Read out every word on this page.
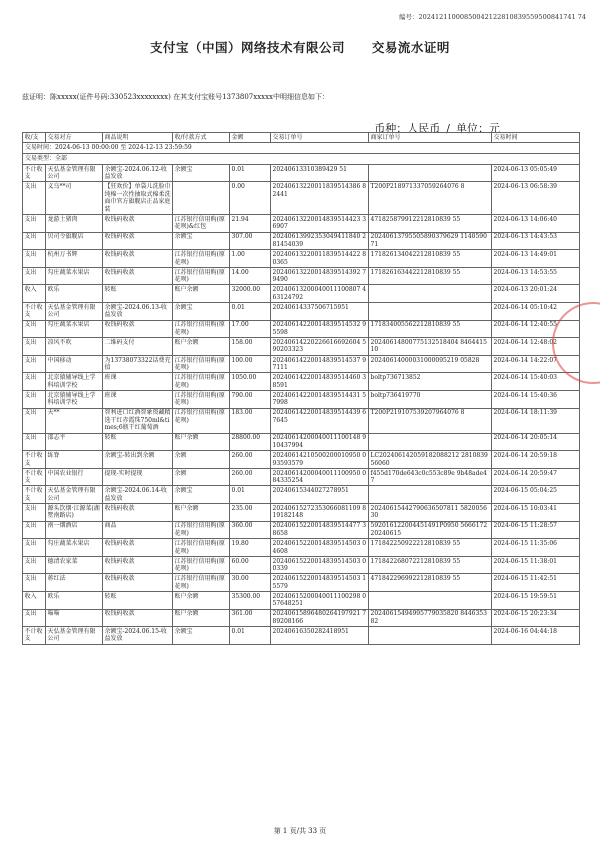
编号：20241211000850042122810839559500841741 74
支付宝（中国）网络技术有限公司 交易流水证明
兹证明：陈xxxxx(证件号码:330523xxxxxxxx) 在其支付宝账号1373807xxxxx中明细信息如下：
币种：人民币 / 单位：元
交易时间：2024-06-13 00:00:00 至 2024-12-13 23:59:59							
交易类型：全部							
收/支	交易对方	商品说明	收/付款方式	金额	交易订单号	商家订单号	交易时间
不计收支	天弘基金管理有限公司	余额宝-2024.06.12-收益发放	余额宝	0.01	20240613310389429 51		2024-06-13 05:05:49
支出	义乌**司	【狂欢价】单袋儿洗脸巾纯棉一次性抽取式棉柔洗面巾官方旗舰店正品家庭装		0.00	20240613220011839514386 82441	T200P218971337059264076 8	2024-06-13 06:58:39
支出	龙游土猪肉	收钱码收款	江苏银行信用购(原花呗)&红包	21.94	20240613220014839514423 36907	471825879912212810839 55	2024-06-13 14:06:40
支出	贝司令旗舰店	收钱码收款	余额宝	307.00	20240613992353049411840 281454039	20240613795505890379629 114059071	2024-06-13 14:43:53
支出	杭州万书辉	收钱码收款	江苏银行信用购(原花呗)	1.00	20240613220011839514422 80365	171826134042212810839 55	2024-06-13 14:49:01
支出	勾庄蔬菜水果店	收钱码收款	江苏银行信用购(原花呗)	14.00	20240613220014839514392 79490	171826163442212810839 55	2024-06-13 14:53:55
收入	欧乐	转账	账户余额	32000.00	20240613200040011100807 463124792		2024-06-13 20:01:24
不计收支	天弘基金管理有限公司	余额宝-2024.06.13-收益发放	余额宝	0.01	20240614337506715951		2024-06-14 05:10:42
支出	勾庄蔬菜水果店	收钱码收款	江苏银行信用购(原花呗)	17.00	20240614220014839514532 95598	171834005562212810839 55	2024-06-14 12:40:55
支出	凉风不吹	二维码支付	账户余额	158.00	20240614220226616692604 590203323	20240614800775132518404 846441510	2024-06-14 12:48:02
支出	中国移动	为13738073322话费充值	江苏银行信用购(原花呗)	100.00	20240614220014839514537 97111	20240614000031000095219 05828	2024-06-14 14:22:07
支出	北京猿辅导线上学科培训学校	班课	江苏银行信用购(原花呗)	1050.00	20240614220014839514460 38591	boltp736713852	2024-06-14 15:40:03
支出	北京猿辅导线上学科培训学校	班课	江苏银行信用购(原花呗)	790.00	20240614220014839514431 57998	boltp736419770	2024-06-14 15:40:36
支出	天**	智利进口红酒智象资藏精选干红赤霞珠750ml&times;6瓶干红葡萄酒	江苏银行信用购(原花呗)	183.00	20240614220014839514439 67645	T200P219107539207964076 8	2024-06-14 18:11:39
支出	邵志平	转账	账户余额	28800.00	20240614200040011100148 910437994		2024-06-14 20:05:14
不计收支	练脊	余额宝-转出到余额	余额	260.00	20240614210500200010950 093593579	LC202406142059182088212 281083956060	2024-06-14 20:59:18
不计收支	中国农业银行	提现-实时提现	余额	260.00	20240614200040011100950 084335254	f455d170de643c0c553c89e 9b48ade47	2024-06-14 20:59:47
不计收支	天弘基金管理有限公司	余额宝-2024.06.14-收益发放	余额宝	0.01	20240615344027278951		2024-06-15 05:04:25
支出	源头饮烟·江源菜(湖墅南路店)	收钱码收款	账户余额	235.00	20240615272353066081109 819182148	20240615442790636507811 582005630	2024-06-15 10:03:41
支出	南一烟酒店	商品	江苏银行信用购(原花呗)	360.00	20240615220014839514477 38658	592016122004451491P0950 566617220240615	2024-06-15 11:28:57
支出	勾庄蔬菜水果店	收钱码收款	江苏银行信用购(原花呗)	19.80	20240615220014839514503 04608	171842250922212810839 55	2024-06-15 11:35:06
支出	德清农家菜	收钱码收款	江苏银行信用购(原花呗)	60.00	20240615220014839514503 00339	171842268072212810839 55	2024-06-15 11:38:01
支出	蒋红法	收钱码收款	江苏银行信用购(原花呗)	30.00	20240615220014839514503 15579	471842296992212810839 55	2024-06-15 11:42:51
收入	欧乐	转账	账户余额	35300.00	20240615200040011100298 057648251		2024-06-15 19:59:51
支出	喵喵	收钱码收款	账户余额	361.00	20240615896480264197921 789208166	20240615494995779035820 844635382	2024-06-15 20:23:34
不计收支	天弘基金管理有限公司	余额宝-2024.06.15-收益发放	余额宝	0.01	20240616350282418951		2024-06-16 04:44:18
第 1 页/共 33 页
